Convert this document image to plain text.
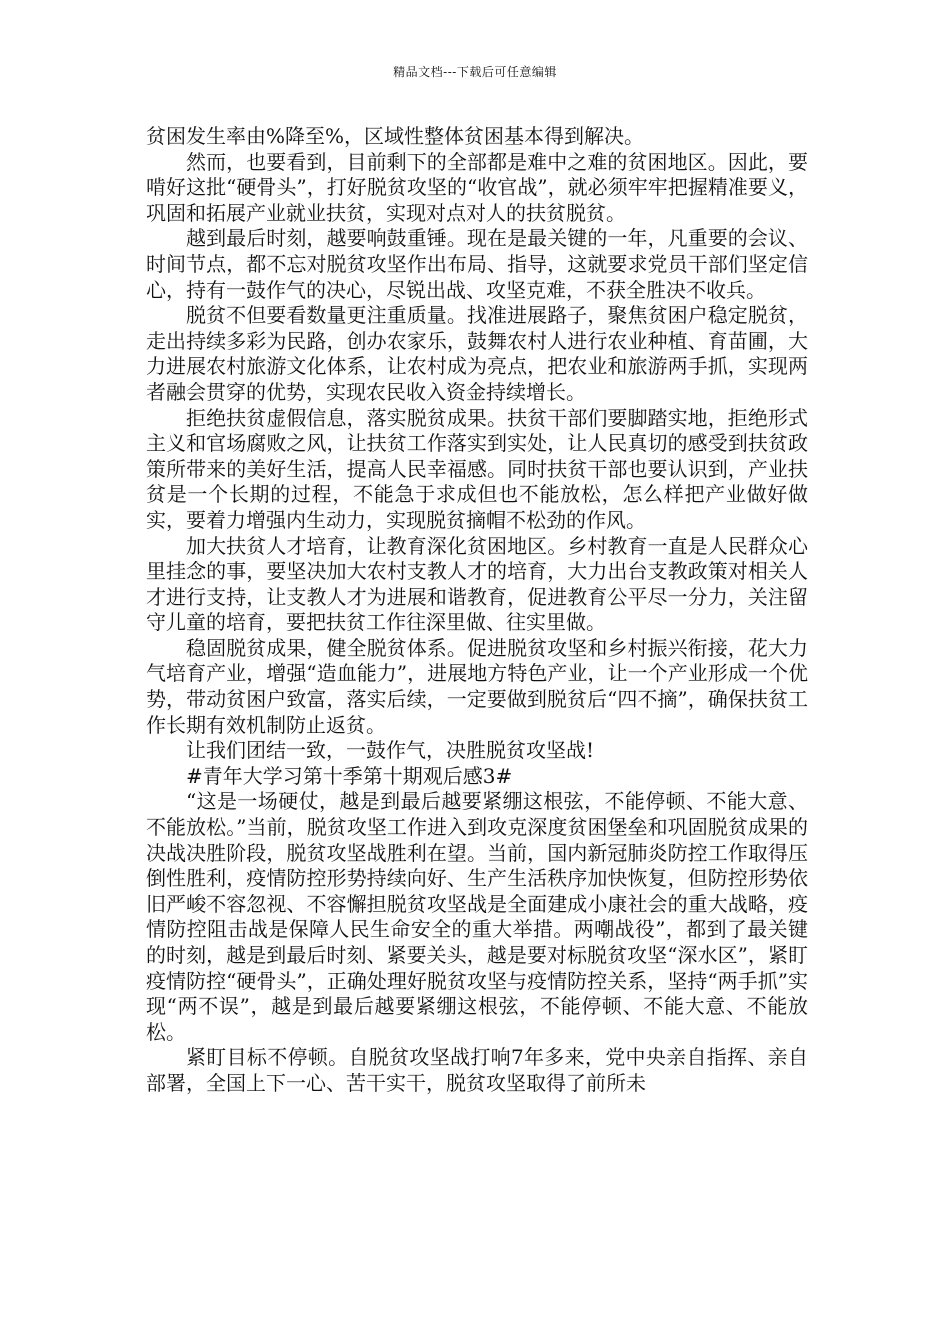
精品文档---下载后可任意编辑

贫困发生率由%降至%，区域性整体贫困基本得到解决。

然而，也要看到，目前剩下的全部都是难中之难的贫困地区。因此，要啃好这批“硬骨头”，打好脱贫攻坚的“收官战”，就必须牢牢把握精准要义，巩固和拓展产业就业扶贫，实现对点对人的扶贫脱贫。

越到最后时刻，越要响鼓重锤。现在是最关键的一年，凡重要的会议、时间节点，都不忘对脱贫攻坚作出布局、指导，这就要求党员干部们坚定信心，持有一鼓作气的决心，尽锐出战、攻坚克难，不获全胜决不收兵。

脱贫不但要看数量更注重质量。找准进展路子，聚焦贫困户稳定脱贫，走出持续多彩为民路，创办农家乐，鼓舞农村人进行农业种植、育苗圃，大力进展农村旅游文化体系，让农村成为亮点，把农业和旅游两手抓，实现两者融会贯穿的优势，实现农民收入资金持续增长。

拒绝扶贫虚假信息，落实脱贫成果。扶贫干部们要脚踏实地，拒绝形式主义和官场腐败之风，让扶贫工作落实到实处，让人民真切的感受到扶贫政策所带来的美好生活，提高人民幸福感。同时扶贫干部也要认识到，产业扶贫是一个长期的过程，不能急于求成但也不能放松，怎么样把产业做好做实，要着力增强内生动力，实现脱贫摘帽不松劲的作风。

加大扶贫人才培育，让教育深化贫困地区。乡村教育一直是人民群众心里挂念的事，要坚决加大农村支教人才的培育，大力出台支教政策对相关人才进行支持，让支教人才为进展和谐教育，促进教育公平尽一分力，关注留守儿童的培育，要把扶贫工作往深里做、往实里做。

稳固脱贫成果，健全脱贫体系。促进脱贫攻坚和乡村振兴衔接，花大力气培育产业，增强“造血能力”，进展地方特色产业，让一个产业形成一个优势，带动贫困户致富，落实后续，一定要做到脱贫后“四不摘”，确保扶贫工作长期有效机制防止返贫。

让我们团结一致，一鼓作气，决胜脱贫攻坚战!

#青年大学习第十季第十期观后感3#

“这是一场硬仗，越是到最后越要紧绷这根弦，不能停顿、不能大意、不能放松。”当前，脱贫攻坚工作进入到攻克深度贫困堡垒和巩固脱贫成果的决战决胜阶段，脱贫攻坚战胜利在望。当前，国内新冠肺炎防控工作取得压倒性胜利，疫情防控形势持续向好、生产生活秩序加快恢复，但防控形势依旧严峻不容忽视、不容懈担脱贫攻坚战是全面建成小康社会的重大战略，疫情防控阻击战是保障人民生命安全的重大举措。两嘲战役”，都到了最关键的时刻，越是到最后时刻、紧要关头，越是要对标脱贫攻坚“深水区”，紧盯疫情防控“硬骨头”，正确处理好脱贫攻坚与疫情防控关系，坚持“两手抓”实现“两不误”，越是到最后越要紧绷这根弦，不能停顿、不能大意、不能放松。

紧盯目标不停顿。自脱贫攻坚战打响7年多来，党中央亲自指挥、亲自部署，全国上下一心、苦干实干，脱贫攻坚取得了前所未
